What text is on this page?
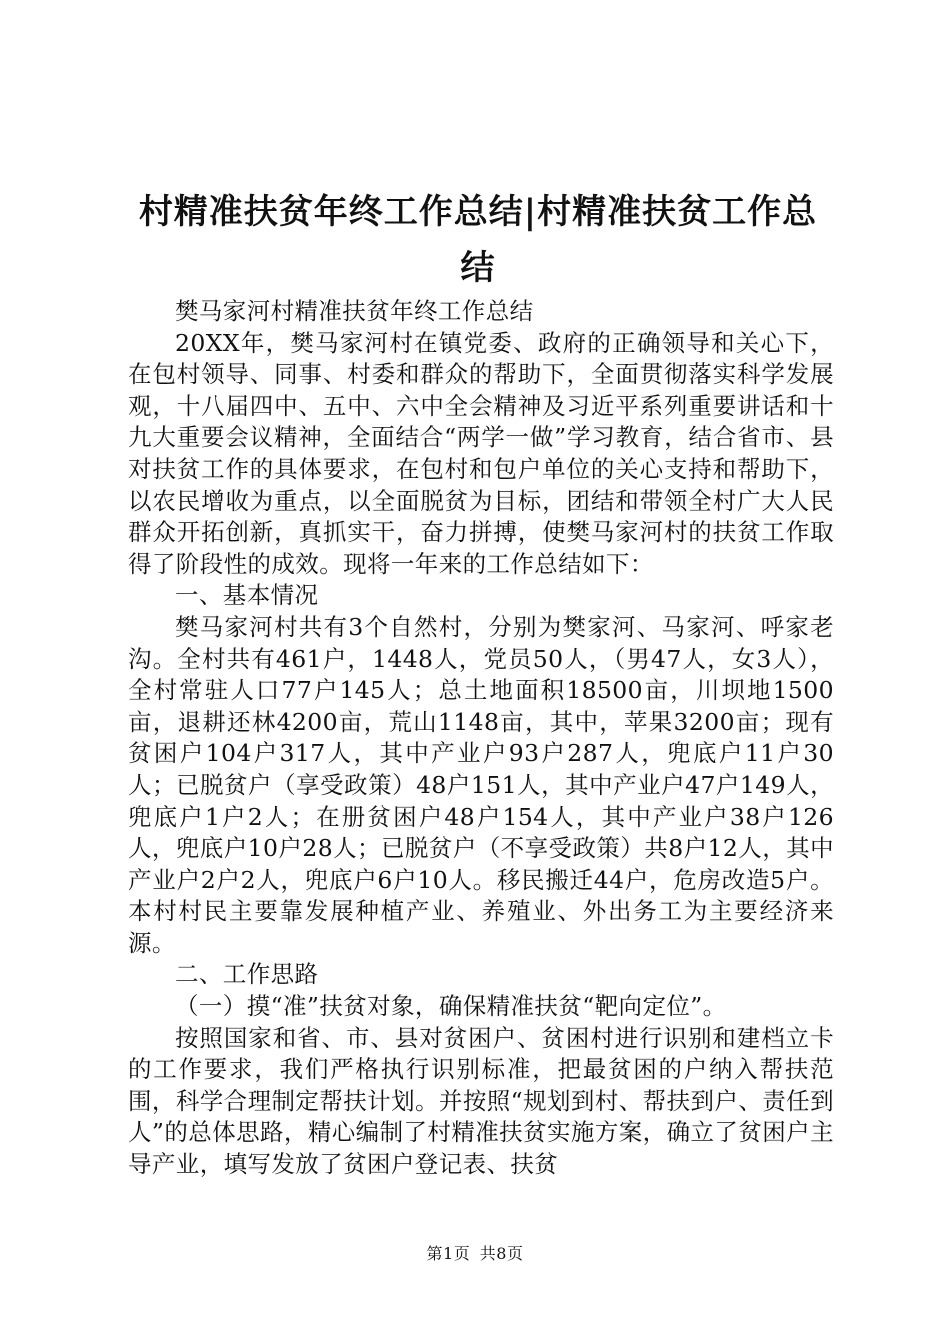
村精准扶贫年终工作总结|村精准扶贫工作总结

樊马家河村精准扶贫年终工作总结

20XX年，樊马家河村在镇党委、政府的正确领导和关心下，在包村领导、同事、村委和群众的帮助下，全面贯彻落实科学发展观，十八届四中、五中、六中全会精神及习近平系列重要讲话和十九大重要会议精神，全面结合“两学一做”学习教育，结合省市、县对扶贫工作的具体要求，在包村和包户单位的关心支持和帮助下，以农民增收为重点，以全面脱贫为目标，团结和带领全村广大人民群众开拓创新，真抓实干，奋力拼搏，使樊马家河村的扶贫工作取得了阶段性的成效。现将一年来的工作总结如下：

一、基本情况

樊马家河村共有3个自然村，分别为樊家河、马家河、呼家老沟。全村共有461户，1448人，党员50人，（男47人，女3人），全村常驻人口77户145人；总土地面积18500亩，川坝地1500亩，退耕还林4200亩，荒山1148亩，其中，苹果3200亩；现有贫困户104户317人，其中产业户93户287人，兜底户11户30人；已脱贫户（享受政策）48户151人，其中产业户47户149人，兜底户1户2人；在册贫困户48户154人，其中产业户38户126人，兜底户10户28人；已脱贫户（不享受政策）共8户12人，其中产业户2户2人，兜底户6户10人。移民搬迁44户，危房改造5户。本村村民主要靠发展种植产业、养殖业、外出务工为主要经济来源。

二、工作思路

（一）摸“准”扶贫对象，确保精准扶贫“靶向定位”。

按照国家和省、市、县对贫困户、贫困村进行识别和建档立卡的工作要求，我们严格执行识别标准，把最贫困的户纳入帮扶范围，科学合理制定帮扶计划。并按照“规划到村、帮扶到户、责任到人”的总体思路，精心编制了村精准扶贫实施方案，确立了贫困户主导产业，填写发放了贫困户登记表、扶贫

第1页 共8页
